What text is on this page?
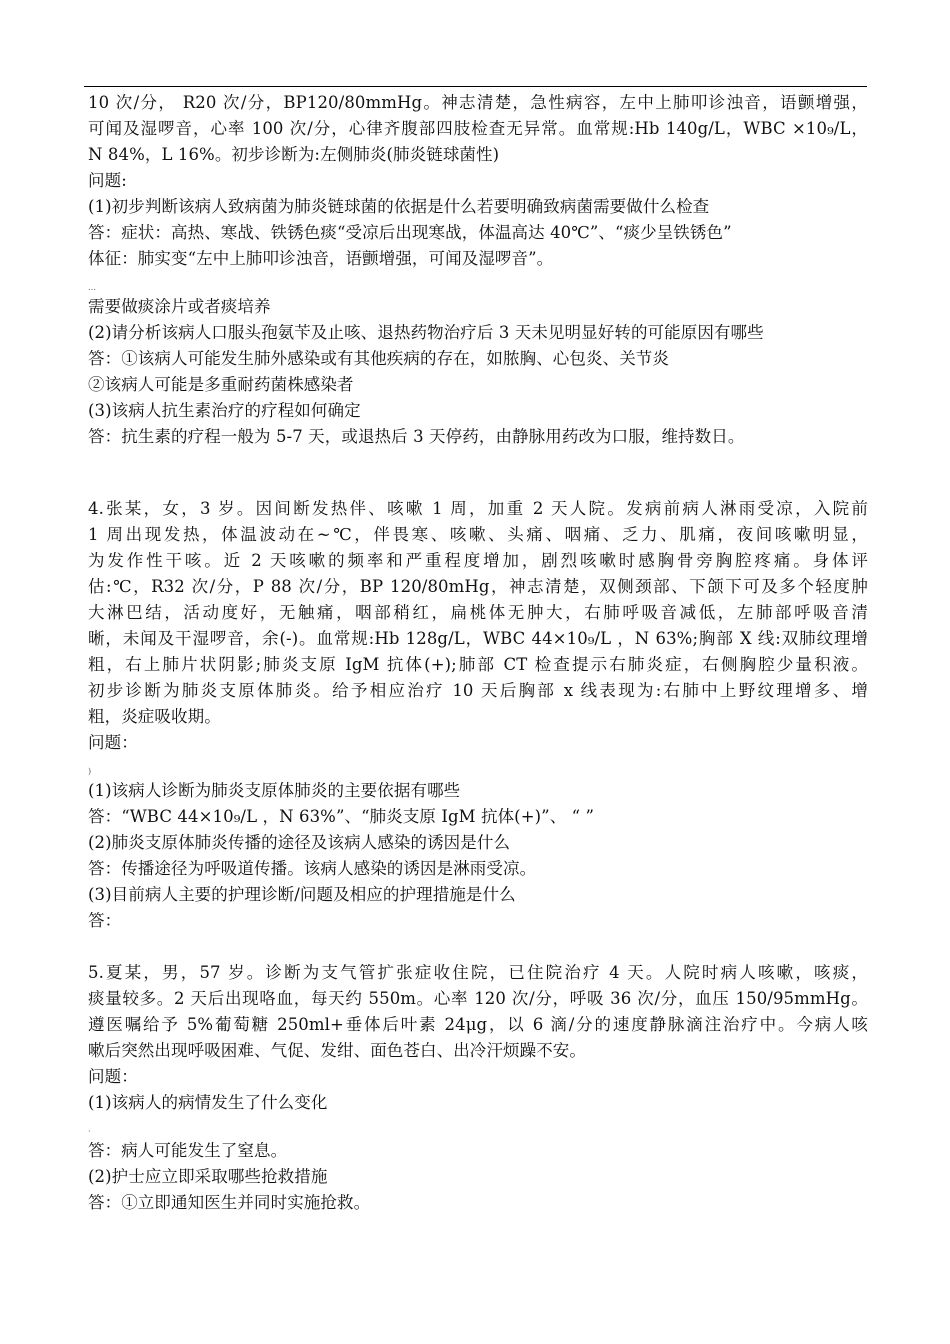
10 次/分， R20 次/分，BP120/80mmHg。神志清楚，急性病容，左中上肺叩诊浊音，语颤增强，
可闻及湿啰音，心率 100 次/分，心律齐腹部四肢检查无异常。血常规:Hb 140g/L，WBC ×10₉/L，
N 84%，L 16%。初步诊断为:左侧肺炎(肺炎链球菌性)
问题:
(1)初步判断该病人致病菌为肺炎链球菌的依据是什么若要明确致病菌需要做什么检查
答：症状：高热、寒战、铁锈色痰“受凉后出现寒战，体温高达 40℃”、“痰少呈铁锈色”
体征：肺实变“左中上肺叩诊浊音，语颤增强，可闻及湿啰音”。
…
需要做痰涂片或者痰培养
(2)请分析该病人口服头孢氨苄及止咳、退热药物治疗后 3 天未见明显好转的可能原因有哪些
答：①该病人可能发生肺外感染或有其他疾病的存在，如脓胸、心包炎、关节炎
②该病人可能是多重耐药菌株感染者
(3)该病人抗生素治疗的疗程如何确定
答：抗生素的疗程一般为 5-7 天，或退热后 3 天停药，由静脉用药改为口服，维持数日。
4.张某，女，3 岁。因间断发热伴、咳嗽 1 周，加重 2 天人院。发病前病人淋雨受凉，入院前
1 周出现发热，体温波动在~℃，伴畏寒、咳嗽、头痛、咽痛、乏力、肌痛，夜间咳嗽明显，
为发作性干咳。近 2 天咳嗽的频率和严重程度增加，剧烈咳嗽时感胸骨旁胸腔疼痛。身体评
估:℃，R32 次/分，P 88 次/分，BP 120/80mHg，神志清楚，双侧颈部、下颌下可及多个轻度肿
大淋巴结，活动度好，无触痛，咽部稍红，扁桃体无肿大，右肺呼吸音减低，左肺部呼吸音清
晰，未闻及干湿啰音，余(-)。血常规:Hb 128g/L，WBC 44×10₉/L ，N 63%;胸部 X 线:双肺纹理增
粗，右上肺片状阴影;肺炎支原 IgM 抗体(+);肺部 CT 检查提示右肺炎症，右侧胸腔少量积液。
初步诊断为肺炎支原体肺炎。给予相应治疗 10 天后胸部 x 线表现为:右肺中上野纹理增多、增
粗，炎症吸收期。
问题：
)
(1)该病人诊断为肺炎支原体肺炎的主要依据有哪些
答：“WBC 44×10₉/L ，N 63%”、“肺炎支原 IgM 抗体(+)”、 “ ”
(2)肺炎支原体肺炎传播的途径及该病人感染的诱因是什么
答：传播途径为呼吸道传播。该病人感染的诱因是淋雨受凉。
(3)目前病人主要的护理诊断/问题及相应的护理措施是什么
答：
5.夏某，男，57 岁。诊断为支气管扩张症收住院，已住院治疗 4 天。人院时病人咳嗽，咳痰，
痰量较多。2 天后出现咯血，每天约 550m。心率 120 次/分，呼吸 36 次/分，血压 150/95mmHg。
遵医嘱给予 5%葡萄糖 250ml+垂体后叶素 24μg，以 6 滴/分的速度静脉滴注治疗中。今病人咳
嗽后突然出现呼吸困难、气促、发绀、面色苍白、出冷汗烦躁不安。
问题：
(1)该病人的病情发生了什么变化
·
答：病人可能发生了窒息。
(2)护士应立即采取哪些抢救措施
答：①立即通知医生并同时实施抢救。
